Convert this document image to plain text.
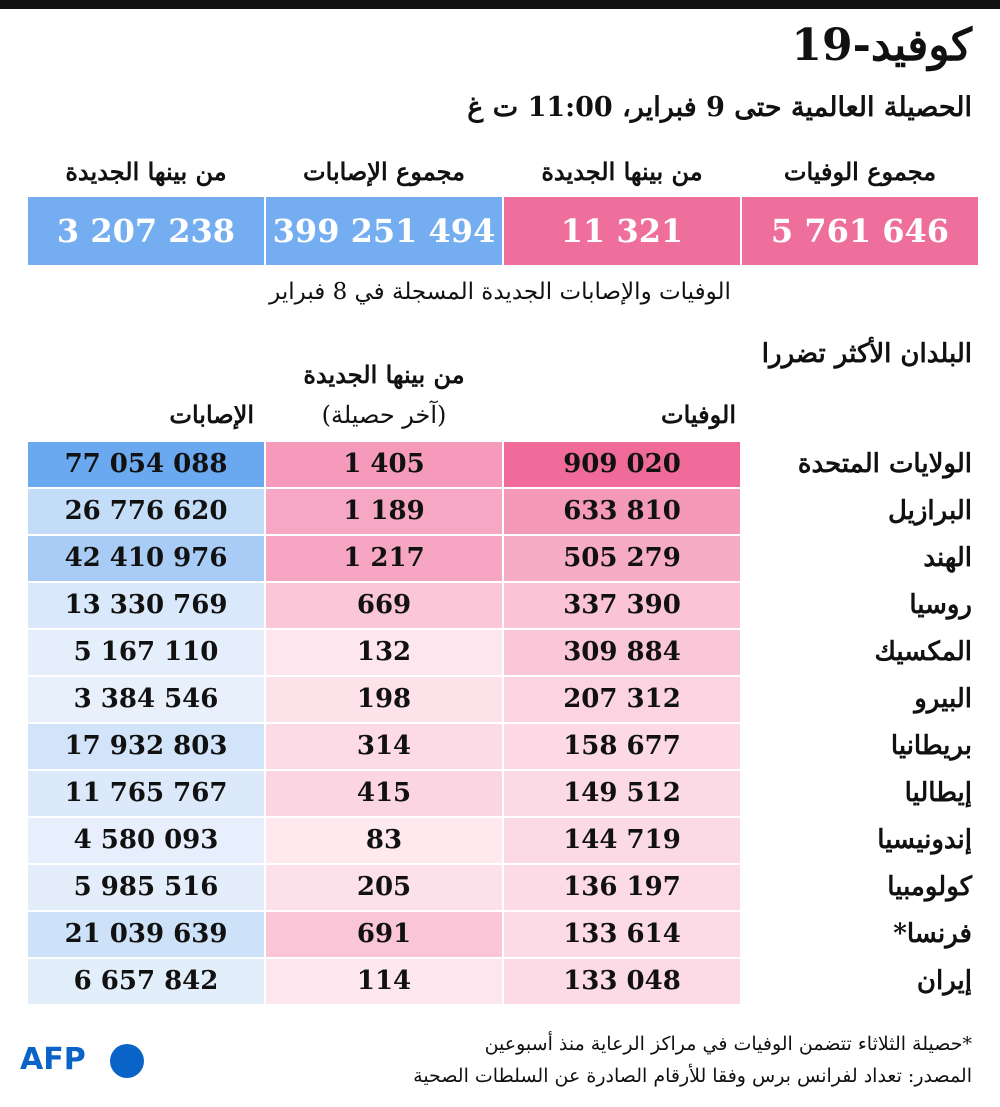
كوفيد-19
الحصيلة العالمية حتى 9 فبراير، 11:00 ت غ
مجموع الوفيات
من بينها الجديدة
مجموع الإصابات
من بينها الجديدة
5 761 646
11 321
399 251 494
3 207 238
الوفيات والإصابات الجديدة المسجلة في 8 فبراير
البلدان الأكثر تضررا
الوفيات
من بينها الجديدة
(آخر حصيلة)
الإصابات
الولايات المتحدة
909 020
1 405
77 054 088
البرازيل
633 810
1 189
26 776 620
الهند
505 279
1 217
42 410 976
روسيا
337 390
669
13 330 769
المكسيك
309 884
132
5 167 110
البيرو
207 312
198
3 384 546
بريطانيا
158 677
314
17 932 803
إيطاليا
149 512
415
11 765 767
إندونيسيا
144 719
83
4 580 093
كولومبيا
136 197
205
5 985 516
فرنسا*
133 614
691
21 039 639
إيران
133 048
114
6 657 842
*حصيلة الثلاثاء تتضمن الوفيات في مراكز الرعاية منذ أسبوعين
المصدر: تعداد لفرانس برس وفقا للأرقام الصادرة عن السلطات الصحية
AFP
